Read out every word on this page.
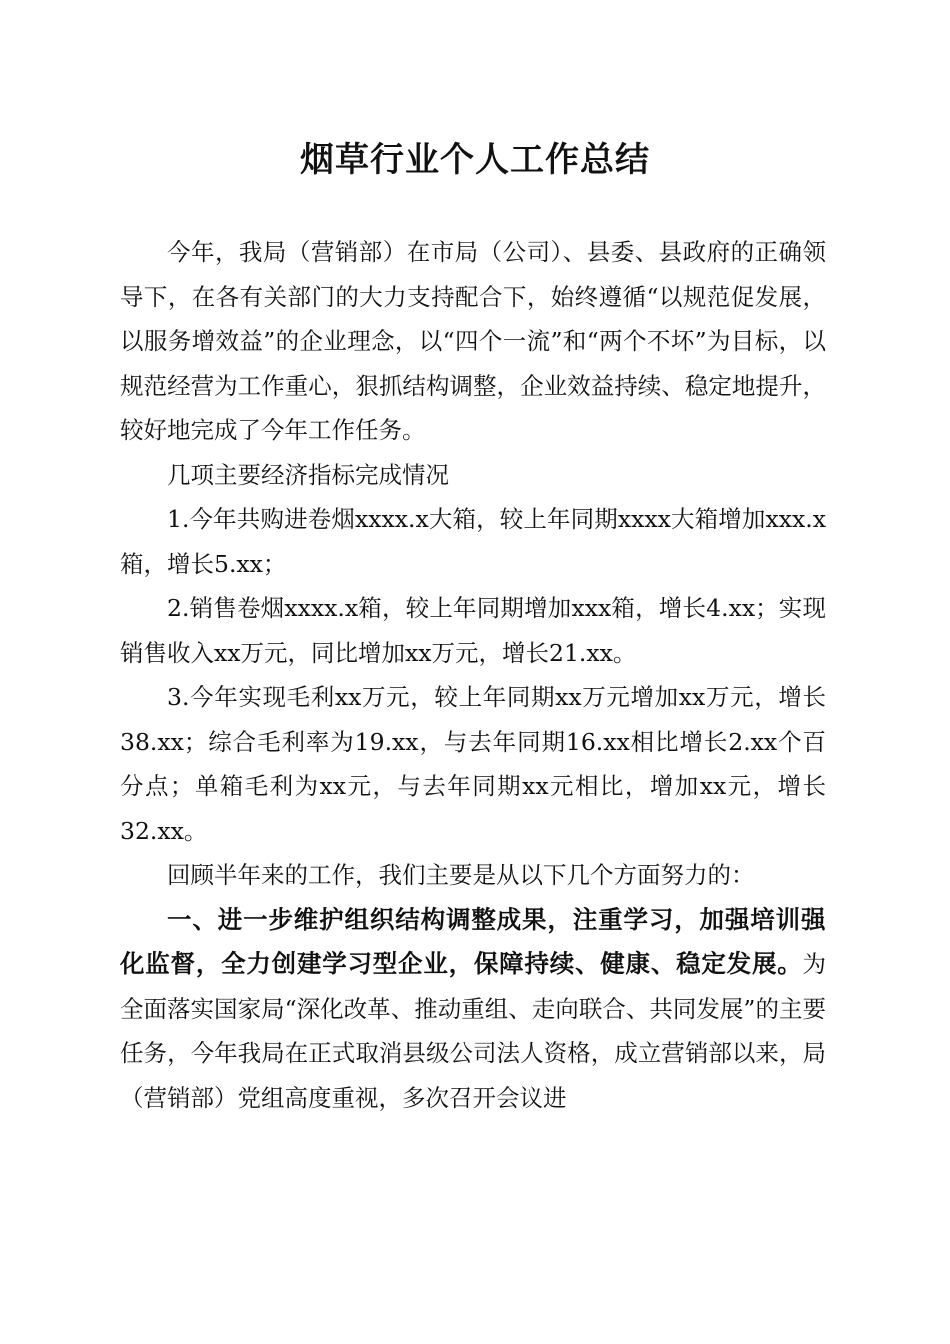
烟草行业个人工作总结

今年，我局（营销部）在市局（公司）、县委、县政府的正确领导下，在各有关部门的大力支持配合下，始终遵循“以规范促发展，以服务增效益”的企业理念，以“四个一流”和“两个不坏”为目标，以规范经营为工作重心，狠抓结构调整，企业效益持续、稳定地提升，较好地完成了今年工作任务。

几项主要经济指标完成情况

1.今年共购进卷烟xxxx.x大箱，较上年同期xxxx大箱增加xxx.x箱，增长5.xx；

2.销售卷烟xxxx.x箱，较上年同期增加xxx箱，增长4.xx；实现销售收入xx万元，同比增加xx万元，增长21.xx。

3.今年实现毛利xx万元，较上年同期xx万元增加xx万元，增长38.xx；综合毛利率为19.xx，与去年同期16.xx相比增长2.xx个百分点；单箱毛利为xx元，与去年同期xx元相比，增加xx元，增长32.xx。

回顾半年来的工作，我们主要是从以下几个方面努力的：

一、进一步维护组织结构调整成果，注重学习，加强培训强化监督，全力创建学习型企业，保障持续、健康、稳定发展。为全面落实国家局“深化改革、推动重组、走向联合、共同发展”的主要任务，今年我局在正式取消县级公司法人资格，成立营销部以来，局（营销部）党组高度重视，多次召开会议进
